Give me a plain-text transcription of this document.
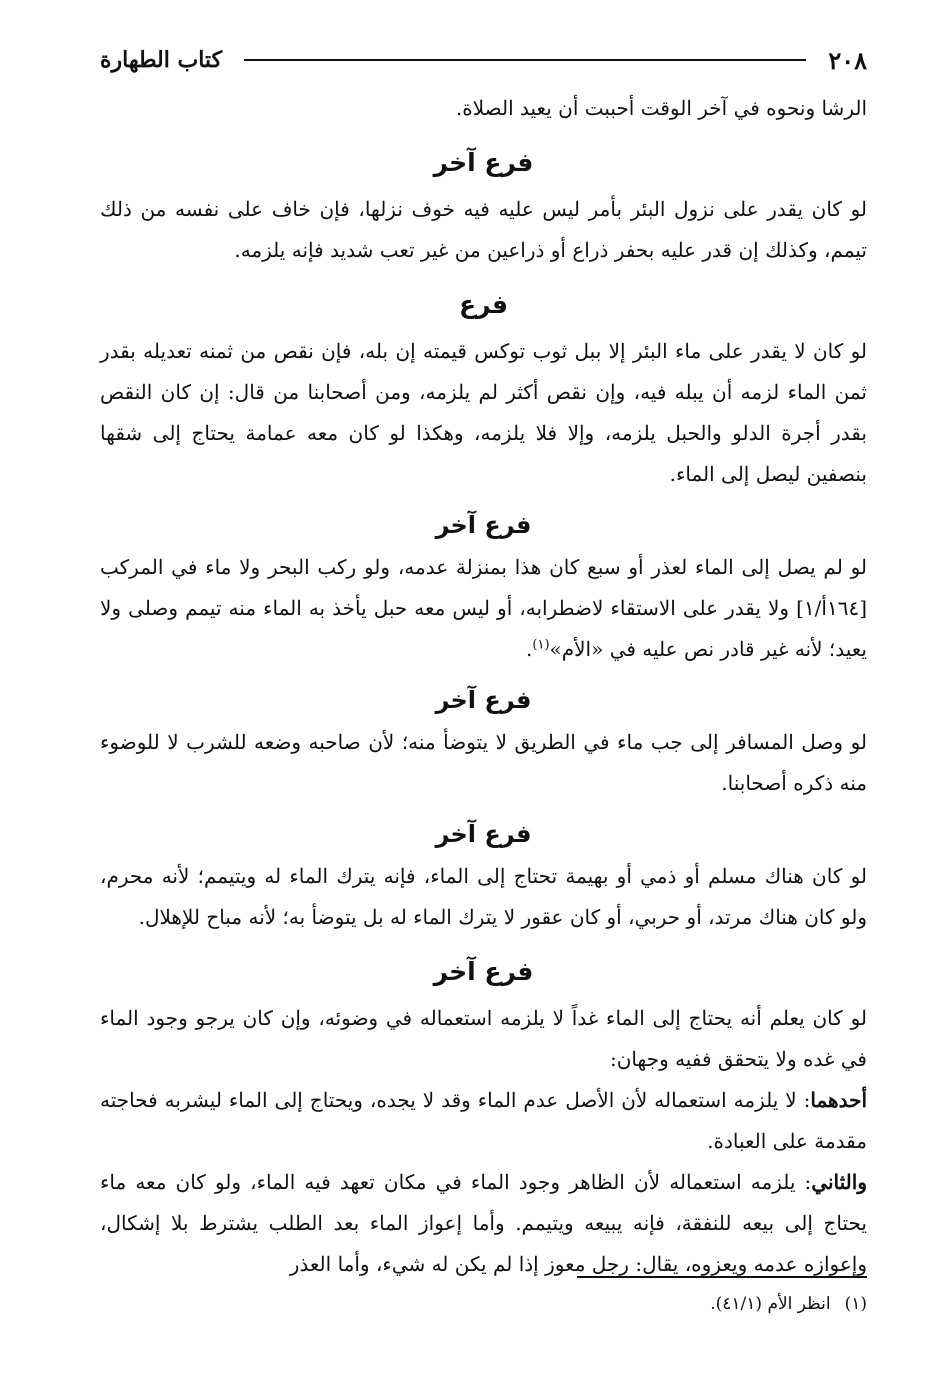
٢٠٨
كتاب الطهارة

الرشا ونحوه في آخر الوقت أحببت أن يعيد الصلاة.

فرع آخر

لو كان يقدر على نزول البئر بأمر ليس عليه فيه خوف نزلها، فإن خاف على نفسه من ذلك تيمم، وكذلك إن قدر عليه بحفر ذراع أو ذراعين من غير تعب شديد فإنه يلزمه.

فرع

لو كان لا يقدر على ماء البئر إلا ببل ثوب توكس قيمته إن بله، فإن نقص من ثمنه تعديله بقدر ثمن الماء لزمه أن يبله فيه، وإن نقص أكثر لم يلزمه، ومن أصحابنا من قال: إن كان النقص بقدر أجرة الدلو والحبل يلزمه، وإلا فلا يلزمه، وهكذا لو كان معه عمامة يحتاج إلى شقها بنصفين ليصل إلى الماء.

فرع آخر

لو لم يصل إلى الماء لعذر أو سبع كان هذا بمنزلة عدمه، ولو ركب البحر ولا ماء في المركب [١٦٤أ/١] ولا يقدر على الاستقاء لاضطرابه، أو ليس معه حبل يأخذ به الماء منه تيمم وصلى ولا يعيد؛ لأنه غير قادر نص عليه في «الأم»$^{(١)}$.

فرع آخر

لو وصل المسافر إلى جب ماء في الطريق لا يتوضأ منه؛ لأن صاحبه وضعه للشرب لا للوضوء منه ذكره أصحابنا.

فرع آخر

لو كان هناك مسلم أو ذمي أو بهيمة تحتاج إلى الماء، فإنه يترك الماء له ويتيمم؛ لأنه محرم، ولو كان هناك مرتد، أو حربي، أو كان عقور لا يترك الماء له بل يتوضأ به؛ لأنه مباح للإهلال.

فرع آخر

لو كان يعلم أنه يحتاج إلى الماء غداً لا يلزمه استعماله في وضوئه، وإن كان يرجو وجود الماء في غده ولا يتحقق ففيه وجهان:

أحدهما: لا يلزمه استعماله لأن الأصل عدم الماء وقد لا يجده، ويحتاج إلى الماء ليشربه فحاجته مقدمة على العبادة.

والثاني: يلزمه استعماله لأن الظاهر وجود الماء في مكان تعهد فيه الماء، ولو كان معه ماء يحتاج إلى بيعه للنفقة، فإنه يبيعه ويتيمم. وأما إعواز الماء بعد الطلب يشترط بلا إشكال، وإعوازه عدمه ويعزوه، يقال: رجل معوز إذا لم يكن له شيء، وأما العذر

(١)انظر الأم (٤١/١).
